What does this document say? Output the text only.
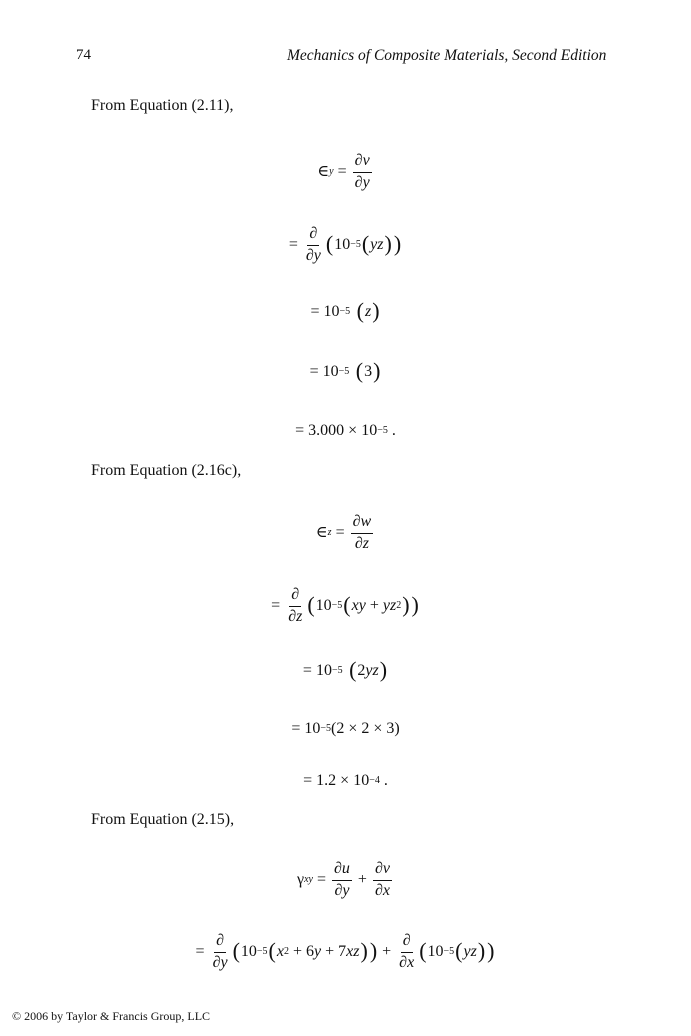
74	Mechanics of Composite Materials, Second Edition
From Equation (2.11),
∈ $y = \frac{\partial v}{\partial y}$
= $\frac{\partial}{\partial y}$ ( 10 −5 ( yz ) )
= 10 −5 ( z )
= 10 −5 ( 3 )
= 3.000 × 10 −5 .
From Equation (2.16c),
∈ $z = \frac{\partial w}{\partial z}$
= $\frac{\partial}{\partial z}$ ( 10 −5 ( xy + yz 2 ) )
= 10 −5 ( 2 yz )
= 10 −5 (2 × 2 × 3)
= 1.2 × 10 −4 .
From Equation (2.15),
γ xy = $\frac{\partial u}{\partial y} + \frac{\partial v}{\partial x}$
= $\frac{\partial}{\partial y}$ ( 10 −5 ( x 2 + 6 y + 7 xz ) ) + $\frac{\partial}{\partial x}$ ( 10 −5 ( yz ) )
© 2006 by Taylor & Francis Group, LLC
